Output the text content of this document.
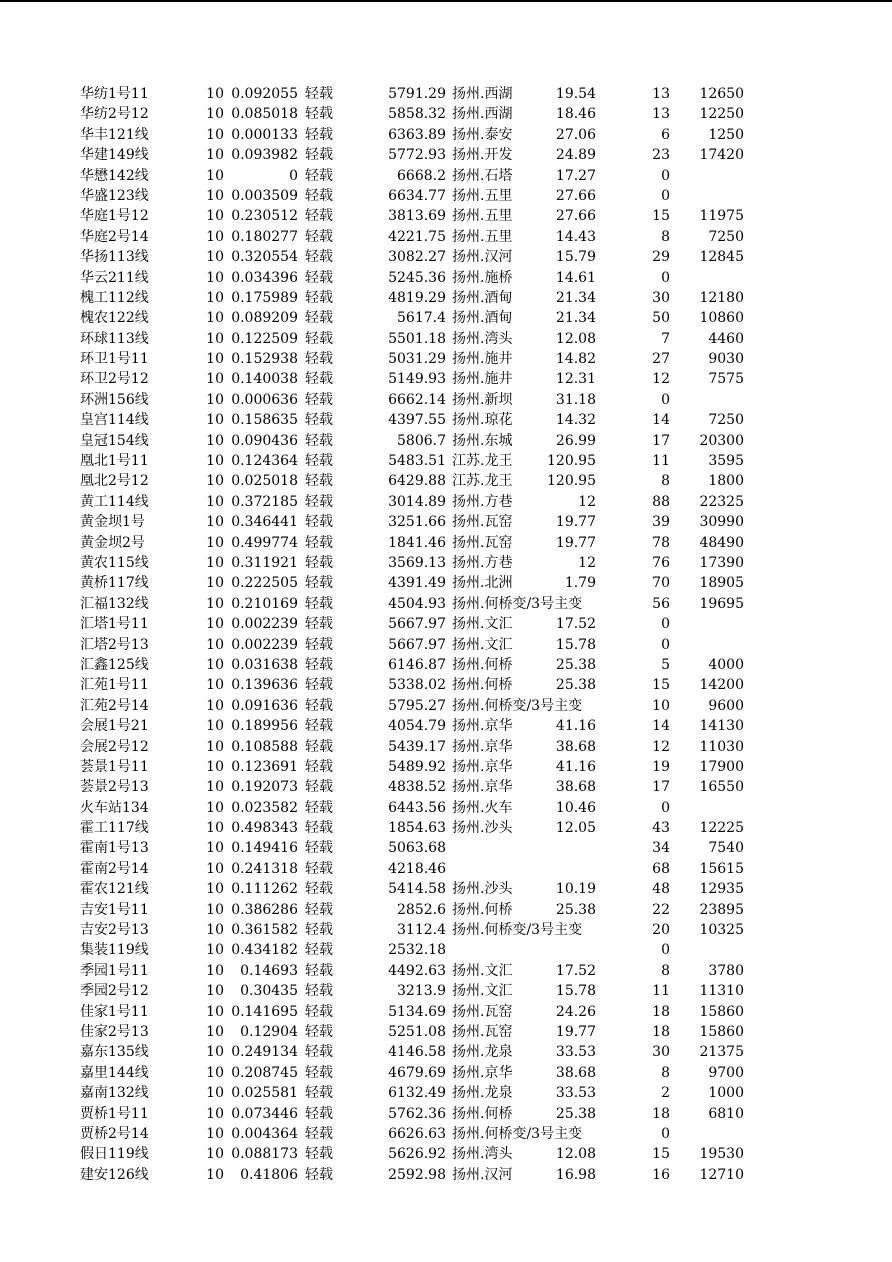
华纺1号11	10 0.092055 轻载	5791.29 扬州.西湖	19.54	13	12650
华纺2号12	10 0.085018 轻载	5858.32 扬州.西湖	18.46	13	12250
华丰121线	10 0.000133 轻载	6363.89 扬州.泰安	27.06	6	1250
华建149线	10 0.093982 轻载	5772.93 扬州.开发	24.89	23	17420
华懋142线	10	0 轻载	6668.2 扬州.石塔	17.27	0
华盛123线	10 0.003509 轻载	6634.77 扬州.五里	27.66	0
华庭1号12	10 0.230512 轻载	3813.69 扬州.五里	27.66	15	11975
华庭2号14	10 0.180277 轻载	4221.75 扬州.五里	14.43	8	7250
华扬113线	10 0.320554 轻载	3082.27 扬州.汉河	15.79	29	12845
华云211线	10 0.034396 轻载	5245.36 扬州.施桥	14.61	0
槐工112线	10 0.175989 轻载	4819.29 扬州.酒甸	21.34	30	12180
槐农122线	10 0.089209 轻载	5617.4 扬州.酒甸	21.34	50	10860
环球113线	10 0.122509 轻载	5501.18 扬州.湾头	12.08	7	4460
环卫1号11	10 0.152938 轻载	5031.29 扬州.施井	14.82	27	9030
环卫2号12	10 0.140038 轻载	5149.93 扬州.施井	12.31	12	7575
环洲156线	10 0.000636 轻载	6662.14 扬州.新坝	31.18	0
皇宫114线	10 0.158635 轻载	4397.55 扬州.琼花	14.32	14	7250
皇冠154线	10 0.090436 轻载	5806.7 扬州.东城	26.99	17	20300
凰北1号11	10 0.124364 轻载	5483.51 江苏.龙王	120.95	11	3595
凰北2号12	10 0.025018 轻载	6429.88 江苏.龙王	120.95	8	1800
黄工114线	10 0.372185 轻载	3014.89 扬州.方巷	12	88	22325
黄金坝1号	10 0.346441 轻载	3251.66 扬州.瓦窑	19.77	39	30990
黄金坝2号	10 0.499774 轻载	1841.46 扬州.瓦窑	19.77	78	48490
黄农115线	10 0.311921 轻载	3569.13 扬州.方巷	12	76	17390
黄桥117线	10 0.222505 轻载	4391.49 扬州.北洲	1.79	70	18905
汇福132线	10 0.210169 轻载	4504.93 扬州.何桥变/3号主变	56	19695
汇塔1号11	10 0.002239 轻载	5667.97 扬州.文汇	17.52	0
汇塔2号13	10 0.002239 轻载	5667.97 扬州.文汇	15.78	0
汇鑫125线	10 0.031638 轻载	6146.87 扬州.何桥	25.38	5	4000
汇苑1号11	10 0.139636 轻载	5338.02 扬州.何桥	25.38	15	14200
汇苑2号14	10 0.091636 轻载	5795.27 扬州.何桥变/3号主变	10	9600
会展1号21	10 0.189956 轻载	4054.79 扬州.京华	41.16	14	14130
会展2号12	10 0.108588 轻载	5439.17 扬州.京华	38.68	12	11030
荟景1号11	10 0.123691 轻载	5489.92 扬州.京华	41.16	19	17900
荟景2号13	10 0.192073 轻载	4838.52 扬州.京华	38.68	17	16550
火车站134	10 0.023582 轻载	6443.56 扬州.火车	10.46	0
霍工117线	10 0.498343 轻载	1854.63 扬州.沙头	12.05	43	12225
霍南1号13	10 0.149416 轻载	5063.68	34	7540
霍南2号14	10 0.241318 轻载	4218.46	68	15615
霍农121线	10 0.111262 轻载	5414.58 扬州.沙头	10.19	48	12935
吉安1号11	10 0.386286 轻载	2852.6 扬州.何桥	25.38	22	23895
吉安2号13	10 0.361582 轻载	3112.4 扬州.何桥变/3号主变	20	10325
集装119线	10 0.434182 轻载	2532.18	0
季园1号11	10	0.14693 轻载	4492.63 扬州.文汇	17.52	8	3780
季园2号12	10	0.30435 轻载	3213.9 扬州.文汇	15.78	11	11310
佳家1号11	10 0.141695 轻载	5134.69 扬州.瓦窑	24.26	18	15860
佳家2号13	10	0.12904 轻载	5251.08 扬州.瓦窑	19.77	18	15860
嘉东135线	10 0.249134 轻载	4146.58 扬州.龙泉	33.53	30	21375
嘉里144线	10 0.208745 轻载	4679.69 扬州.京华	38.68	8	9700
嘉南132线	10 0.025581 轻载	6132.49 扬州.龙泉	33.53	2	1000
贾桥1号11	10 0.073446 轻载	5762.36 扬州.何桥	25.38	18	6810
贾桥2号14	10 0.004364 轻载	6626.63 扬州.何桥变/3号主变	0
假日119线	10 0.088173 轻载	5626.92 扬州.湾头	12.08	15	19530
建安126线	10	0.41806 轻载	2592.98 扬州.汉河	16.98	16	12710
